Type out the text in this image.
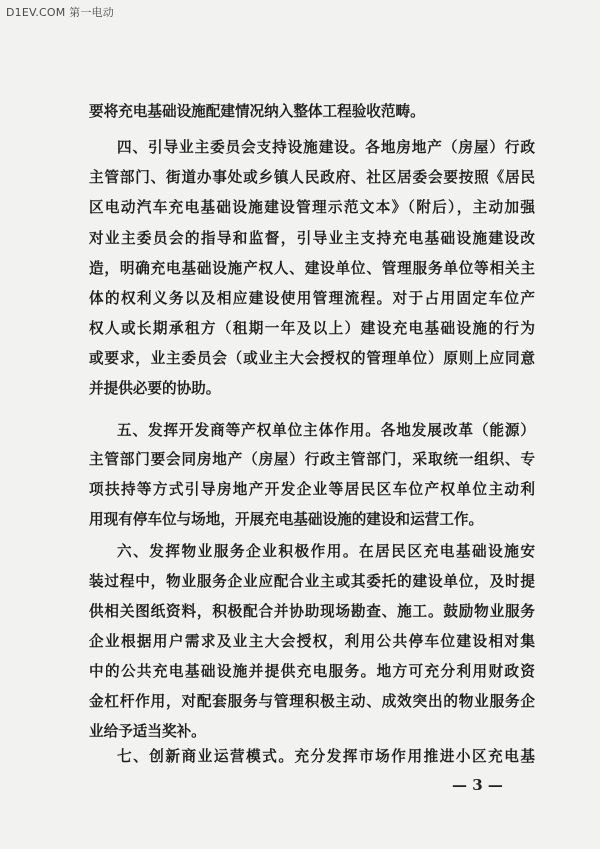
D1EV.COM 第一电动
要将充电基础设施配建情况纳入整体工程验收范畴。
四、引导业主委员会支持设施建设。各地房地产（房屋）行政
主管部门、街道办事处或乡镇人民政府、社区居委会要按照《居民
区电动汽车充电基础设施建设管理示范文本》（附后），主动加强
对业主委员会的指导和监督，引导业主支持充电基础设施建设改
造，明确充电基础设施产权人、建设单位、管理服务单位等相关主
体的权利义务以及相应建设使用管理流程。对于占用固定车位产
权人或长期承租方（租期一年及以上）建设充电基础设施的行为
或要求，业主委员会（或业主大会授权的管理单位）原则上应同意
并提供必要的协助。
五、发挥开发商等产权单位主体作用。各地发展改革（能源）
主管部门要会同房地产（房屋）行政主管部门，采取统一组织、专
项扶持等方式引导房地产开发企业等居民区车位产权单位主动利
用现有停车位与场地，开展充电基础设施的建设和运营工作。
六、发挥物业服务企业积极作用。在居民区充电基础设施安
装过程中，物业服务企业应配合业主或其委托的建设单位，及时提
供相关图纸资料，积极配合并协助现场勘查、施工。鼓励物业服务
企业根据用户需求及业主大会授权，利用公共停车位建设相对集
中的公共充电基础设施并提供充电服务。地方可充分利用财政资
金杠杆作用，对配套服务与管理积极主动、成效突出的物业服务企
业给予适当奖补。
七、创新商业运营模式。充分发挥市场作用推进小区充电基
— 3 —
